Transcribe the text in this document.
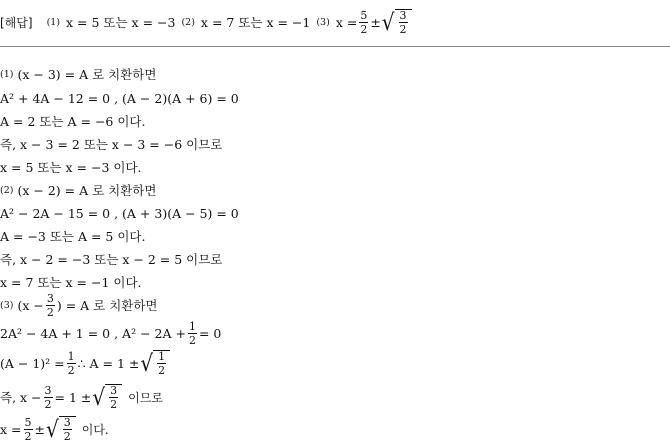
[해답] (1) x = 5 또는 x = −3 (2) x = 7 또는 x = −1 (3) $x = \frac{5}{2}$ ± √ $\frac{3}{2}$
(1) (x − 3) = A 로 치환하면
A² + 4A − 12 = 0 , (A − 2)(A + 6) = 0
A = 2 또는 A = −6 이다.
즉, x − 3 = 2 또는 x − 3 = −6 이므로
x = 5 또는 x = −3 이다.
(2) (x − 2) = A 로 치환하면
A² − 2A − 15 = 0 , (A + 3)(A − 5) = 0
A = −3 또는 A = 5 이다.
즉, x − 2 = −3 또는 x − 2 = 5 이므로
x = 7 또는 x = −1 이다.
(3) ($x - \frac{3}{2}$ ) = A 로 치환하면
2A² − 4A + 1 = 0 , $A^2 - 2A + \frac{1}{2} = 0$
$(A - 1)^2 = \frac{1}{2}$ ∴ A = 1 ± √ $\frac{1}{2}$
즉, $x - \frac{3}{2} = 1$ ± √ $\frac{3}{2}$ 이므로
$x = \frac{5}{2}$ ± √ $\frac{3}{2}$ 이다.
